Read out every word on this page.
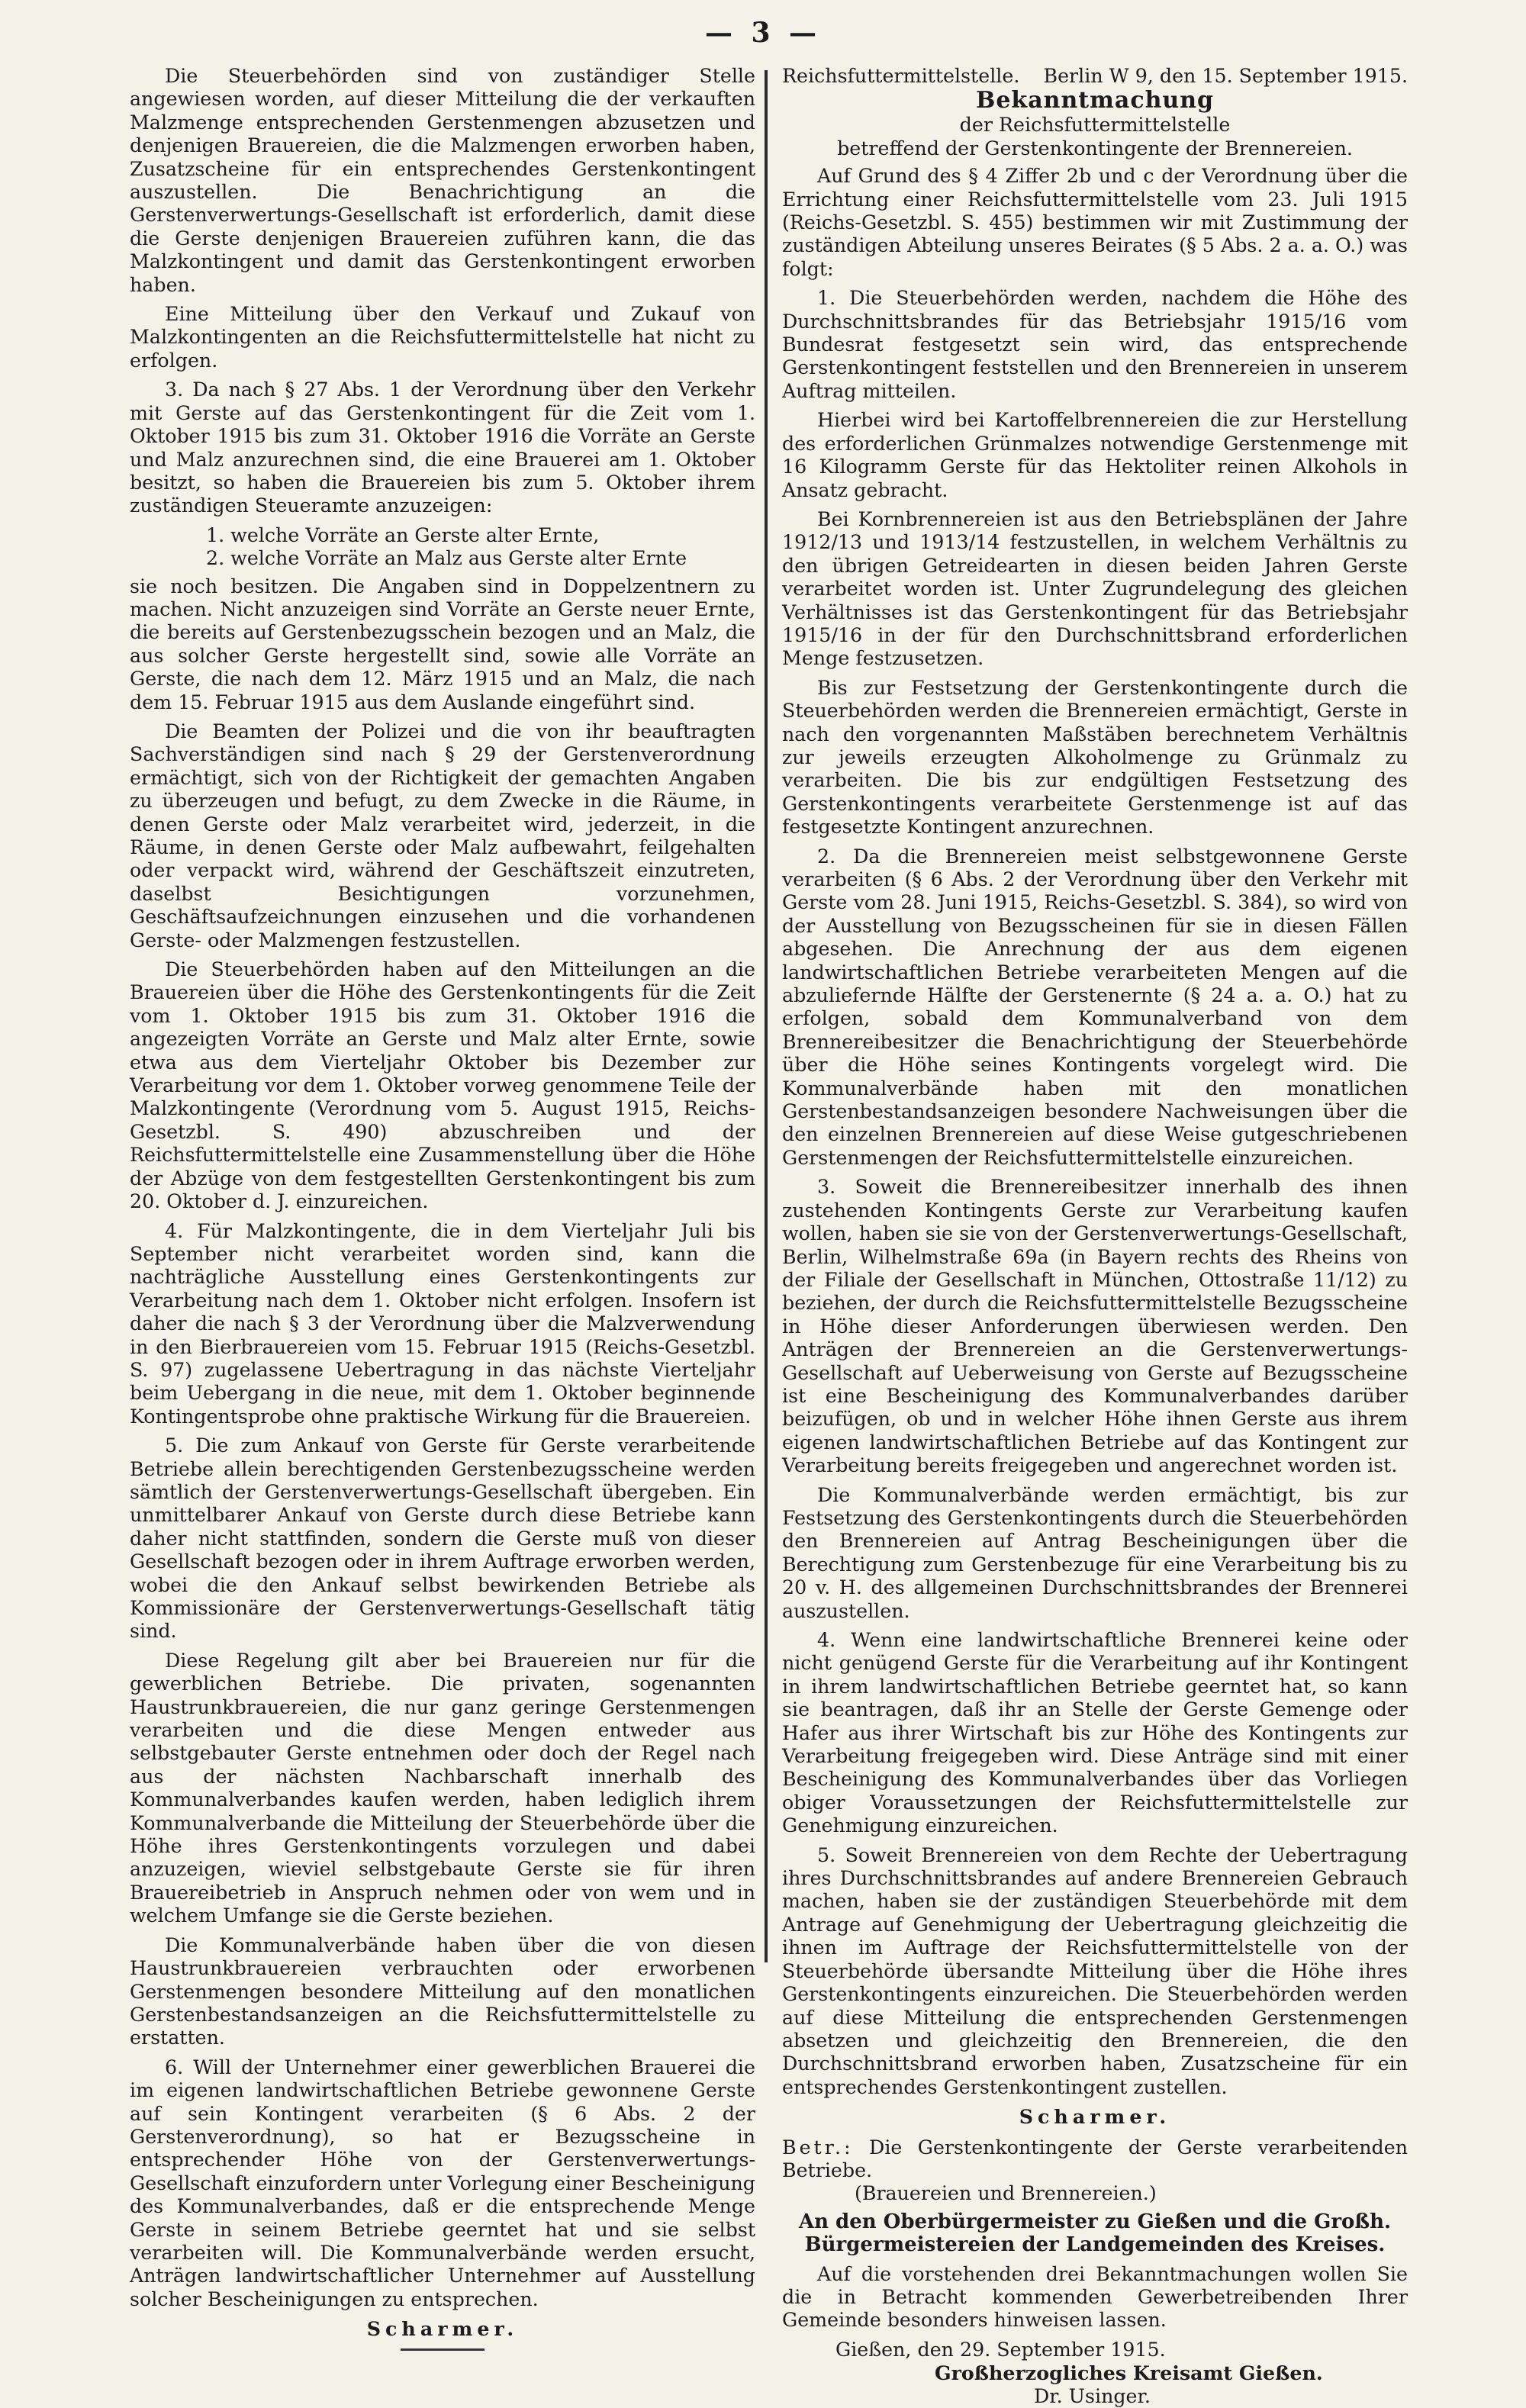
— 3 —

Die Steuerbehörden sind von zuständiger Stelle angewiesen worden, auf dieser Mitteilung die der verkauften Malzmenge entsprechenden Gerstenmengen abzusetzen und denjenigen Brauereien, die die Malzmengen erworben haben, Zusatzscheine für ein entsprechendes Gerstenkontingent auszustellen. Die Benachrichtigung an die Gerstenverwertungs-Gesellschaft ist erforderlich, damit diese die Gerste denjenigen Brauereien zuführen kann, die das Malzkontingent und damit das Gerstenkontingent erworben haben.

Eine Mitteilung über den Verkauf und Zukauf von Malzkontingenten an die Reichsfuttermittelstelle hat nicht zu erfolgen.

3. Da nach § 27 Abs. 1 der Verordnung über den Verkehr mit Gerste auf das Gerstenkontingent für die Zeit vom 1. Oktober 1915 bis zum 31. Oktober 1916 die Vorräte an Gerste und Malz anzurechnen sind, die eine Brauerei am 1. Oktober besitzt, so haben die Brauereien bis zum 5. Oktober ihrem zuständigen Steueramte anzuzeigen:

1. welche Vorräte an Gerste alter Ernte,
2. welche Vorräte an Malz aus Gerste alter Ernte

sie noch besitzen. Die Angaben sind in Doppelzentnern zu machen. Nicht anzuzeigen sind Vorräte an Gerste neuer Ernte, die bereits auf Gerstenbezugsschein bezogen und an Malz, die aus solcher Gerste hergestellt sind, sowie alle Vorräte an Gerste, die nach dem 12. März 1915 und an Malz, die nach dem 15. Februar 1915 aus dem Auslande eingeführt sind.

Die Beamten der Polizei und die von ihr beauftragten Sachverständigen sind nach § 29 der Gerstenverordnung ermächtigt, sich von der Richtigkeit der gemachten Angaben zu überzeugen und befugt, zu dem Zwecke in die Räume, in denen Gerste oder Malz verarbeitet wird, jederzeit, in die Räume, in denen Gerste oder Malz aufbewahrt, feilgehalten oder verpackt wird, während der Geschäftszeit einzutreten, daselbst Besichtigungen vorzunehmen, Geschäftsaufzeichnungen einzusehen und die vorhandenen Gerste- oder Malzmengen festzustellen.

Die Steuerbehörden haben auf den Mitteilungen an die Brauereien über die Höhe des Gerstenkontingents für die Zeit vom 1. Oktober 1915 bis zum 31. Oktober 1916 die angezeigten Vorräte an Gerste und Malz alter Ernte, sowie etwa aus dem Vierteljahr Oktober bis Dezember zur Verarbeitung vor dem 1. Oktober vorweg genommene Teile der Malzkontingente (Verordnung vom 5. August 1915, Reichs-Gesetzbl. S. 490) abzuschreiben und der Reichsfuttermittelstelle eine Zusammenstellung über die Höhe der Abzüge von dem festgestellten Gerstenkontingent bis zum 20. Oktober d. J. einzureichen.

4. Für Malzkontingente, die in dem Vierteljahr Juli bis September nicht verarbeitet worden sind, kann die nachträgliche Ausstellung eines Gerstenkontingents zur Verarbeitung nach dem 1. Oktober nicht erfolgen. Insofern ist daher die nach § 3 der Verordnung über die Malzverwendung in den Bierbrauereien vom 15. Februar 1915 (Reichs-Gesetzbl. S. 97) zugelassene Uebertragung in das nächste Vierteljahr beim Uebergang in die neue, mit dem 1. Oktober beginnende Kontingentsprobe ohne praktische Wirkung für die Brauereien.

5. Die zum Ankauf von Gerste für Gerste verarbeitende Betriebe allein berechtigenden Gerstenbezugsscheine werden sämtlich der Gerstenverwertungs-Gesellschaft übergeben. Ein unmittelbarer Ankauf von Gerste durch diese Betriebe kann daher nicht stattfinden, sondern die Gerste muß von dieser Gesellschaft bezogen oder in ihrem Auftrage erworben werden, wobei die den Ankauf selbst bewirkenden Betriebe als Kommissionäre der Gerstenverwertungs-Gesellschaft tätig sind.

Diese Regelung gilt aber bei Brauereien nur für die gewerblichen Betriebe. Die privaten, sogenannten Haustrunkbrauereien, die nur ganz geringe Gerstenmengen verarbeiten und die diese Mengen entweder aus selbstgebauter Gerste entnehmen oder doch der Regel nach aus der nächsten Nachbarschaft innerhalb des Kommunalverbandes kaufen werden, haben lediglich ihrem Kommunalverbande die Mitteilung der Steuerbehörde über die Höhe ihres Gerstenkontingents vorzulegen und dabei anzuzeigen, wieviel selbstgebaute Gerste sie für ihren Brauereibetrieb in Anspruch nehmen oder von wem und in welchem Umfange sie die Gerste beziehen.

Die Kommunalverbände haben über die von diesen Haustrunkbrauereien verbrauchten oder erworbenen Gerstenmengen besondere Mitteilung auf den monatlichen Gerstenbestandsanzeigen an die Reichsfuttermittelstelle zu erstatten.

6. Will der Unternehmer einer gewerblichen Brauerei die im eigenen landwirtschaftlichen Betriebe gewonnene Gerste auf sein Kontingent verarbeiten (§ 6 Abs. 2 der Gerstenverordnung), so hat er Bezugsscheine in entsprechender Höhe von der Gerstenverwertungs-Gesellschaft einzufordern unter Vorlegung einer Bescheinigung des Kommunalverbandes, daß er die entsprechende Menge Gerste in seinem Betriebe geerntet hat und sie selbst verarbeiten will. Die Kommunalverbände werden ersucht, Anträgen landwirtschaftlicher Unternehmer auf Ausstellung solcher Bescheinigungen zu entsprechen.

Scharmer.
Reichsfuttermittelstelle. Berlin W 9, den 15. September 1915.
Bekanntmachung
der Reichsfuttermittelstelle
betreffend der Gerstenkontingente der Brennereien.

Auf Grund des § 4 Ziffer 2b und c der Verordnung über die Errichtung einer Reichsfuttermittelstelle vom 23. Juli 1915 (Reichs-Gesetzbl. S. 455) bestimmen wir mit Zustimmung der zuständigen Abteilung unseres Beirates (§ 5 Abs. 2 a. a. O.) was folgt:

1. Die Steuerbehörden werden, nachdem die Höhe des Durchschnittsbrandes für das Betriebsjahr 1915/16 vom Bundesrat festgesetzt sein wird, das entsprechende Gerstenkontingent feststellen und den Brennereien in unserem Auftrag mitteilen.

Hierbei wird bei Kartoffelbrennereien die zur Herstellung des erforderlichen Grünmalzes notwendige Gerstenmenge mit 16 Kilogramm Gerste für das Hektoliter reinen Alkohols in Ansatz gebracht.

Bei Kornbrennereien ist aus den Betriebsplänen der Jahre 1912/13 und 1913/14 festzustellen, in welchem Verhältnis zu den übrigen Getreidearten in diesen beiden Jahren Gerste verarbeitet worden ist. Unter Zugrundelegung des gleichen Verhältnisses ist das Gerstenkontingent für das Betriebsjahr 1915/16 in der für den Durchschnittsbrand erforderlichen Menge festzusetzen.

Bis zur Festsetzung der Gerstenkontingente durch die Steuerbehörden werden die Brennereien ermächtigt, Gerste in nach den vorgenannten Maßstäben berechnetem Verhältnis zur jeweils erzeugten Alkoholmenge zu Grünmalz zu verarbeiten. Die bis zur endgültigen Festsetzung des Gerstenkontingents verarbeitete Gerstenmenge ist auf das festgesetzte Kontingent anzurechnen.

2. Da die Brennereien meist selbstgewonnene Gerste verarbeiten (§ 6 Abs. 2 der Verordnung über den Verkehr mit Gerste vom 28. Juni 1915, Reichs-Gesetzbl. S. 384), so wird von der Ausstellung von Bezugsscheinen für sie in diesen Fällen abgesehen. Die Anrechnung der aus dem eigenen landwirtschaftlichen Betriebe verarbeiteten Mengen auf die abzuliefernde Hälfte der Gerstenernte (§ 24 a. a. O.) hat zu erfolgen, sobald dem Kommunalverband von dem Brennereibesitzer die Benachrichtigung der Steuerbehörde über die Höhe seines Kontingents vorgelegt wird. Die Kommunalverbände haben mit den monatlichen Gerstenbestandsanzeigen besondere Nachweisungen über die den einzelnen Brennereien auf diese Weise gutgeschriebenen Gerstenmengen der Reichsfuttermittelstelle einzureichen.

3. Soweit die Brennereibesitzer innerhalb des ihnen zustehenden Kontingents Gerste zur Verarbeitung kaufen wollen, haben sie sie von der Gerstenverwertungs-Gesellschaft, Berlin, Wilhelmstraße 69a (in Bayern rechts des Rheins von der Filiale der Gesellschaft in München, Ottostraße 11/12) zu beziehen, der durch die Reichsfuttermittelstelle Bezugsscheine in Höhe dieser Anforderungen überwiesen werden. Den Anträgen der Brennereien an die Gerstenverwertungs-Gesellschaft auf Ueberweisung von Gerste auf Bezugsscheine ist eine Bescheinigung des Kommunalverbandes darüber beizufügen, ob und in welcher Höhe ihnen Gerste aus ihrem eigenen landwirtschaftlichen Betriebe auf das Kontingent zur Verarbeitung bereits freigegeben und angerechnet worden ist.

Die Kommunalverbände werden ermächtigt, bis zur Festsetzung des Gerstenkontingents durch die Steuerbehörden den Brennereien auf Antrag Bescheinigungen über die Berechtigung zum Gerstenbezuge für eine Verarbeitung bis zu 20 v. H. des allgemeinen Durchschnittsbrandes der Brennerei auszustellen.

4. Wenn eine landwirtschaftliche Brennerei keine oder nicht genügend Gerste für die Verarbeitung auf ihr Kontingent in ihrem landwirtschaftlichen Betriebe geerntet hat, so kann sie beantragen, daß ihr an Stelle der Gerste Gemenge oder Hafer aus ihrer Wirtschaft bis zur Höhe des Kontingents zur Verarbeitung freigegeben wird. Diese Anträge sind mit einer Bescheinigung des Kommunalverbandes über das Vorliegen obiger Voraussetzungen der Reichsfuttermittelstelle zur Genehmigung einzureichen.

5. Soweit Brennereien von dem Rechte der Uebertragung ihres Durchschnittsbrandes auf andere Brennereien Gebrauch machen, haben sie der zuständigen Steuerbehörde mit dem Antrage auf Genehmigung der Uebertragung gleichzeitig die ihnen im Auftrage der Reichsfuttermittelstelle von der Steuerbehörde übersandte Mitteilung über die Höhe ihres Gerstenkontingents einzureichen. Die Steuerbehörden werden auf diese Mitteilung die entsprechenden Gerstenmengen absetzen und gleichzeitig den Brennereien, die den Durchschnittsbrand erworben haben, Zusatzscheine für ein entsprechendes Gerstenkontingent zustellen.

Scharmer.
Betr.: Die Gerstenkontingente der Gerste verarbeitenden Betriebe.
(Brauereien und Brennereien.)
An den Oberbürgermeister zu Gießen und die Großh. Bürgermeistereien der Landgemeinden des Kreises.

Auf die vorstehenden drei Bekanntmachungen wollen Sie die in Betracht kommenden Gewerbetreibenden Ihrer Gemeinde besonders hinweisen lassen.

Gießen, den 29. September 1915.
Großherzogliches Kreisamt Gießen.
Dr. Usinger.
